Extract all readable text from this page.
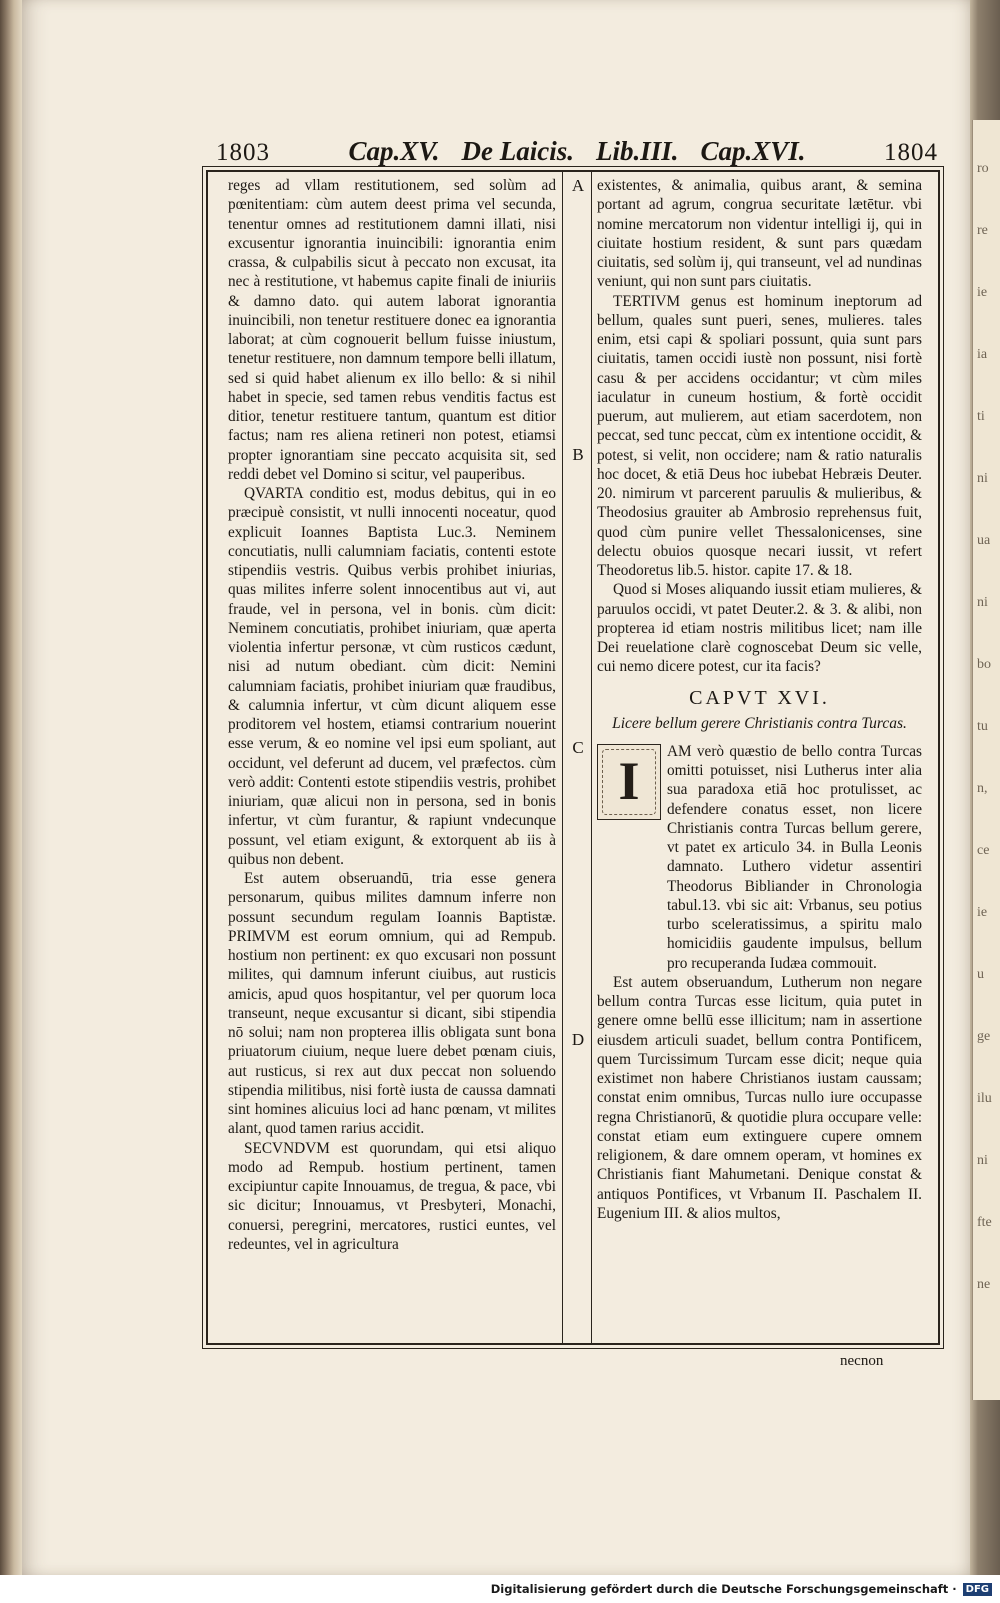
ro
re
ie
ia
ti
ni
ua
ni
bo
tu
n,
ce
ie
u
ge
ilu
ni
fte
ne
1803	Cap.XV. De Laicis. Lib.III. Cap.XVI.	1804
A
B
C
D

reges ad vllam restitutionem, sed solùm ad pœnitentiam: cùm autem deest prima vel secunda, tenentur omnes ad restitutionem damni illati, nisi excusentur ignorantia inuincibili: ignorantia enim crassa, & culpabilis sicut à peccato non excusat, ita nec à restitutione, vt habemus capite finali de iniuriis & damno dato. qui autem laborat ignorantia inuincibili, non tenetur restituere donec ea ignorantia laborat; at cùm cognouerit bellum fuisse iniustum, tenetur restituere, non damnum tempore belli illatum, sed si quid habet alienum ex illo bello: & si nihil habet in specie, sed tamen rebus venditis factus est ditior, tenetur restituere tantum, quantum est ditior factus; nam res aliena retineri non potest, etiamsi propter ignorantiam sine peccato acquisita sit, sed reddi debet vel Domino si scitur, vel pauperibus.

QVARTA conditio est, modus debitus, qui in eo præcipuè consistit, vt nulli innocenti noceatur, quod explicuit Ioannes Baptista Luc.3. Neminem concutiatis, nulli calumniam faciatis, contenti estote stipendiis vestris. Quibus verbis prohibet iniurias, quas milites inferre solent innocentibus aut vi, aut fraude, vel in persona, vel in bonis. cùm dicit: Neminem concutiatis, prohibet iniuriam, quæ aperta violentia infertur personæ, vt cùm rusticos cædunt, nisi ad nutum obediant. cùm dicit: Nemini calumniam faciatis, prohibet iniuriam quæ fraudibus, & calumnia infertur, vt cùm dicunt aliquem esse proditorem vel hostem, etiamsi contrarium nouerint esse verum, & eo nomine vel ipsi eum spoliant, aut occidunt, vel deferunt ad ducem, vel præfectos. cùm verò addit: Contenti estote stipendiis vestris, prohibet iniuriam, quæ alicui non in persona, sed in bonis infertur, vt cùm furantur, & rapiunt vndecunque possunt, vel etiam exigunt, & extorquent ab iis à quibus non debent.

Est autem obseruandū, tria esse genera personarum, quibus milites damnum inferre non possunt secundum regulam Ioannis Baptistæ. PRIMVM est eorum omnium, qui ad Rempub. hostium non pertinent: ex quo excusari non possunt milites, qui damnum inferunt ciuibus, aut rusticis amicis, apud quos hospitantur, vel per quorum loca transeunt, neque excusantur si dicant, sibi stipendia nō solui; nam non propterea illis obligata sunt bona priuatorum ciuium, neque luere debet pœnam ciuis, aut rusticus, si rex aut dux peccat non soluendo stipendia militibus, nisi fortè iusta de caussa damnati sint homines alicuius loci ad hanc pœnam, vt milites alant, quod tamen rarius accidit.

SECVNDVM est quorundam, qui etsi aliquo modo ad Rempub. hostium pertinent, tamen excipiuntur capite Innouamus, de tregua, & pace, vbi sic dicitur; Innouamus, vt Presbyteri, Monachi, conuersi, peregrini, mercatores, rustici euntes, vel redeuntes, vel in agricultura

existentes, & animalia, quibus arant, & semina portant ad agrum, congrua securitate lætētur. vbi nomine mercatorum non videntur intelligi ij, qui in ciuitate hostium resident, & sunt pars quædam ciuitatis, sed solùm ij, qui transeunt, vel ad nundinas veniunt, qui non sunt pars ciuitatis.

TERTIVM genus est hominum ineptorum ad bellum, quales sunt pueri, senes, mulieres. tales enim, etsi capi & spoliari possunt, quia sunt pars ciuitatis, tamen occidi iustè non possunt, nisi fortè casu & per accidens occidantur; vt cùm miles iaculatur in cuneum hostium, & fortè occidit puerum, aut mulierem, aut etiam sacerdotem, non peccat, sed tunc peccat, cùm ex intentione occidit, & potest, si velit, non occidere; nam & ratio naturalis hoc docet, & etiā Deus hoc iubebat Hebræis Deuter. 20. nimirum vt parcerent paruulis & mulieribus, & Theodosius grauiter ab Ambrosio reprehensus fuit, quod cùm punire vellet Thessalonicenses, sine delectu obuios quosque necari iussit, vt refert Theodoretus lib.5. histor. capite 17. & 18.

Quod si Moses aliquando iussit etiam mulieres, & paruulos occidi, vt patet Deuter.2. & 3. & alibi, non propterea id etiam nostris militibus licet; nam ille Dei reuelatione clarè cognoscebat Deum sic velle, cui nemo dicere potest, cur ita facis?

CAPVT XVI.
Licere bellum gerere Christianis contra Turcas.
I AM verò quæstio de bello contra Turcas omitti potuisset, nisi Lutherus inter alia sua paradoxa etiā hoc protulisset, ac defendere conatus esset, non licere Christianis contra Turcas bellum gerere, vt patet ex articulo 34. in Bulla Leonis damnato. Luthero videtur assentiri Theodorus Bibliander in Chronologia tabul.13. vbi sic ait: Vrbanus, seu potius turbo sceleratissimus, a spiritu malo homicidiis gaudente impulsus, bellum pro recuperanda Iudæa commouit.

Est autem obseruandum, Lutherum non negare bellum contra Turcas esse licitum, quia putet in genere omne bellū esse illicitum; nam in assertione eiusdem articuli suadet, bellum contra Pontificem, quem Turcissimum Turcam esse dicit; neque quia existimet non habere Christianos iustam caussam; constat enim omnibus, Turcas nullo iure occupasse regna Christianorū, & quotidie plura occupare velle: constat etiam eum extinguere cupere omnem religionem, & dare omnem operam, vt homines ex Christianis fiant Mahumetani. Denique constat & antiquos Pontifices, vt Vrbanum II. Paschalem II. Eugenium III. & alios multos,

necnon
Digitalisierung gefördert durch die Deutsche Forschungsgemeinschaft · DFG
